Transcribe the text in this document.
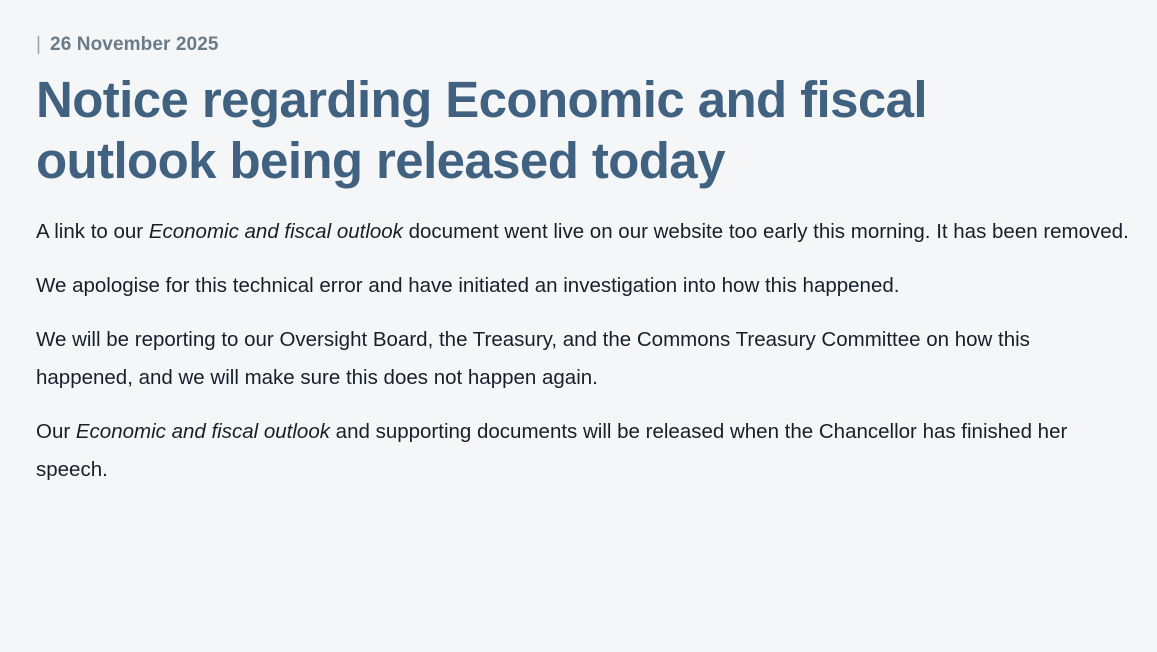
| 26 November 2025
Notice regarding Economic and fiscal outlook being released today

A link to our Economic and fiscal outlook document went live on our website too early this morning. It has been removed.

We apologise for this technical error and have initiated an investigation into how this happened.

We will be reporting to our Oversight Board, the Treasury, and the Commons Treasury Committee on how this happened, and we will make sure this does not happen again.

Our Economic and fiscal outlook and supporting documents will be released when the Chancellor has finished her speech.
